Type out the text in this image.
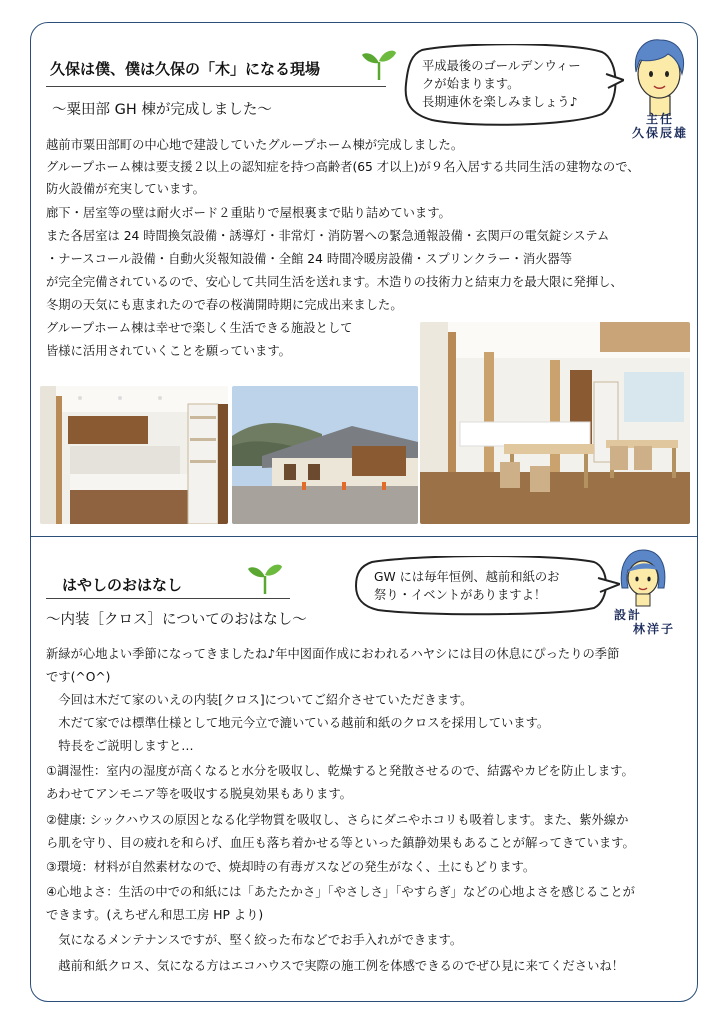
久保は僕、僕は久保の「木」になる現場
～粟田部 GH 棟が完成しました～
平成最後のゴールデンウィー
クが始まります。
長期連休を楽しみましょう♪
主任
久保辰雄
越前市粟田部町の中心地で建設していたグループホーム棟が完成しました。
グループホーム棟は要支援２以上の認知症を持つ高齢者(65 才以上)が９名入居する共同生活の建物なので、
防火設備が充実しています。
廊下・居室等の壁は耐火ボード２重貼りで屋根裏まで貼り詰めています。
また各居室は 24 時間換気設備・誘導灯・非常灯・消防署への緊急通報設備・玄関戸の電気錠システム
・ナースコール設備・自動火災報知設備・全館 24 時間冷暖房設備・スプリンクラー・消火器等
が完全完備されているので、安心して共同生活を送れます。木造りの技術力と結束力を最大限に発揮し、
冬期の天気にも恵まれたので春の桜満開時期に完成出来ました。
グループホーム棟は幸せで楽しく生活できる施設として
皆様に活用されていくことを願っています。
はやしのおはなし
～内装［クロス］についてのおはなし～
GW には毎年恒例、越前和紙のお
祭り・イベントがありますよ！
設計
林洋子
新緑が心地よい季節になってきましたね♪年中図面作成におわれるハヤシには目の休息にぴったりの季節
です(^O^)
　今回は木だて家のいえの内装[クロス]についてご紹介させていただきます。
　木だて家では標準仕様として地元今立で漉いている越前和紙のクロスを採用しています。
　特長をご説明しますと…
①調湿性：室内の湿度が高くなると水分を吸収し、乾燥すると発散させるので、結露やカビを防止します。
あわせてアンモニア等を吸収する脱臭効果もあります。
②健康: シックハウスの原因となる化学物質を吸収し、さらにダニやホコリも吸着します。また、紫外線か
ら肌を守り、目の疲れを和らげ、血圧も落ち着かせる等といった鎮静効果もあることが解ってきています。
③環境：材料が自然素材なので、焼却時の有毒ガスなどの発生がなく、土にもどります。
④心地よさ：生活の中での和紙には「あたたかさ」「やさしさ」「やすらぎ」などの心地よさを感じることが
できます。(えちぜん和思工房 HP より)
　気になるメンテナンスですが、堅く絞った布などでお手入れができます。
　越前和紙クロス、気になる方はエコハウスで実際の施工例を体感できるのでぜひ見に来てくださいね！
